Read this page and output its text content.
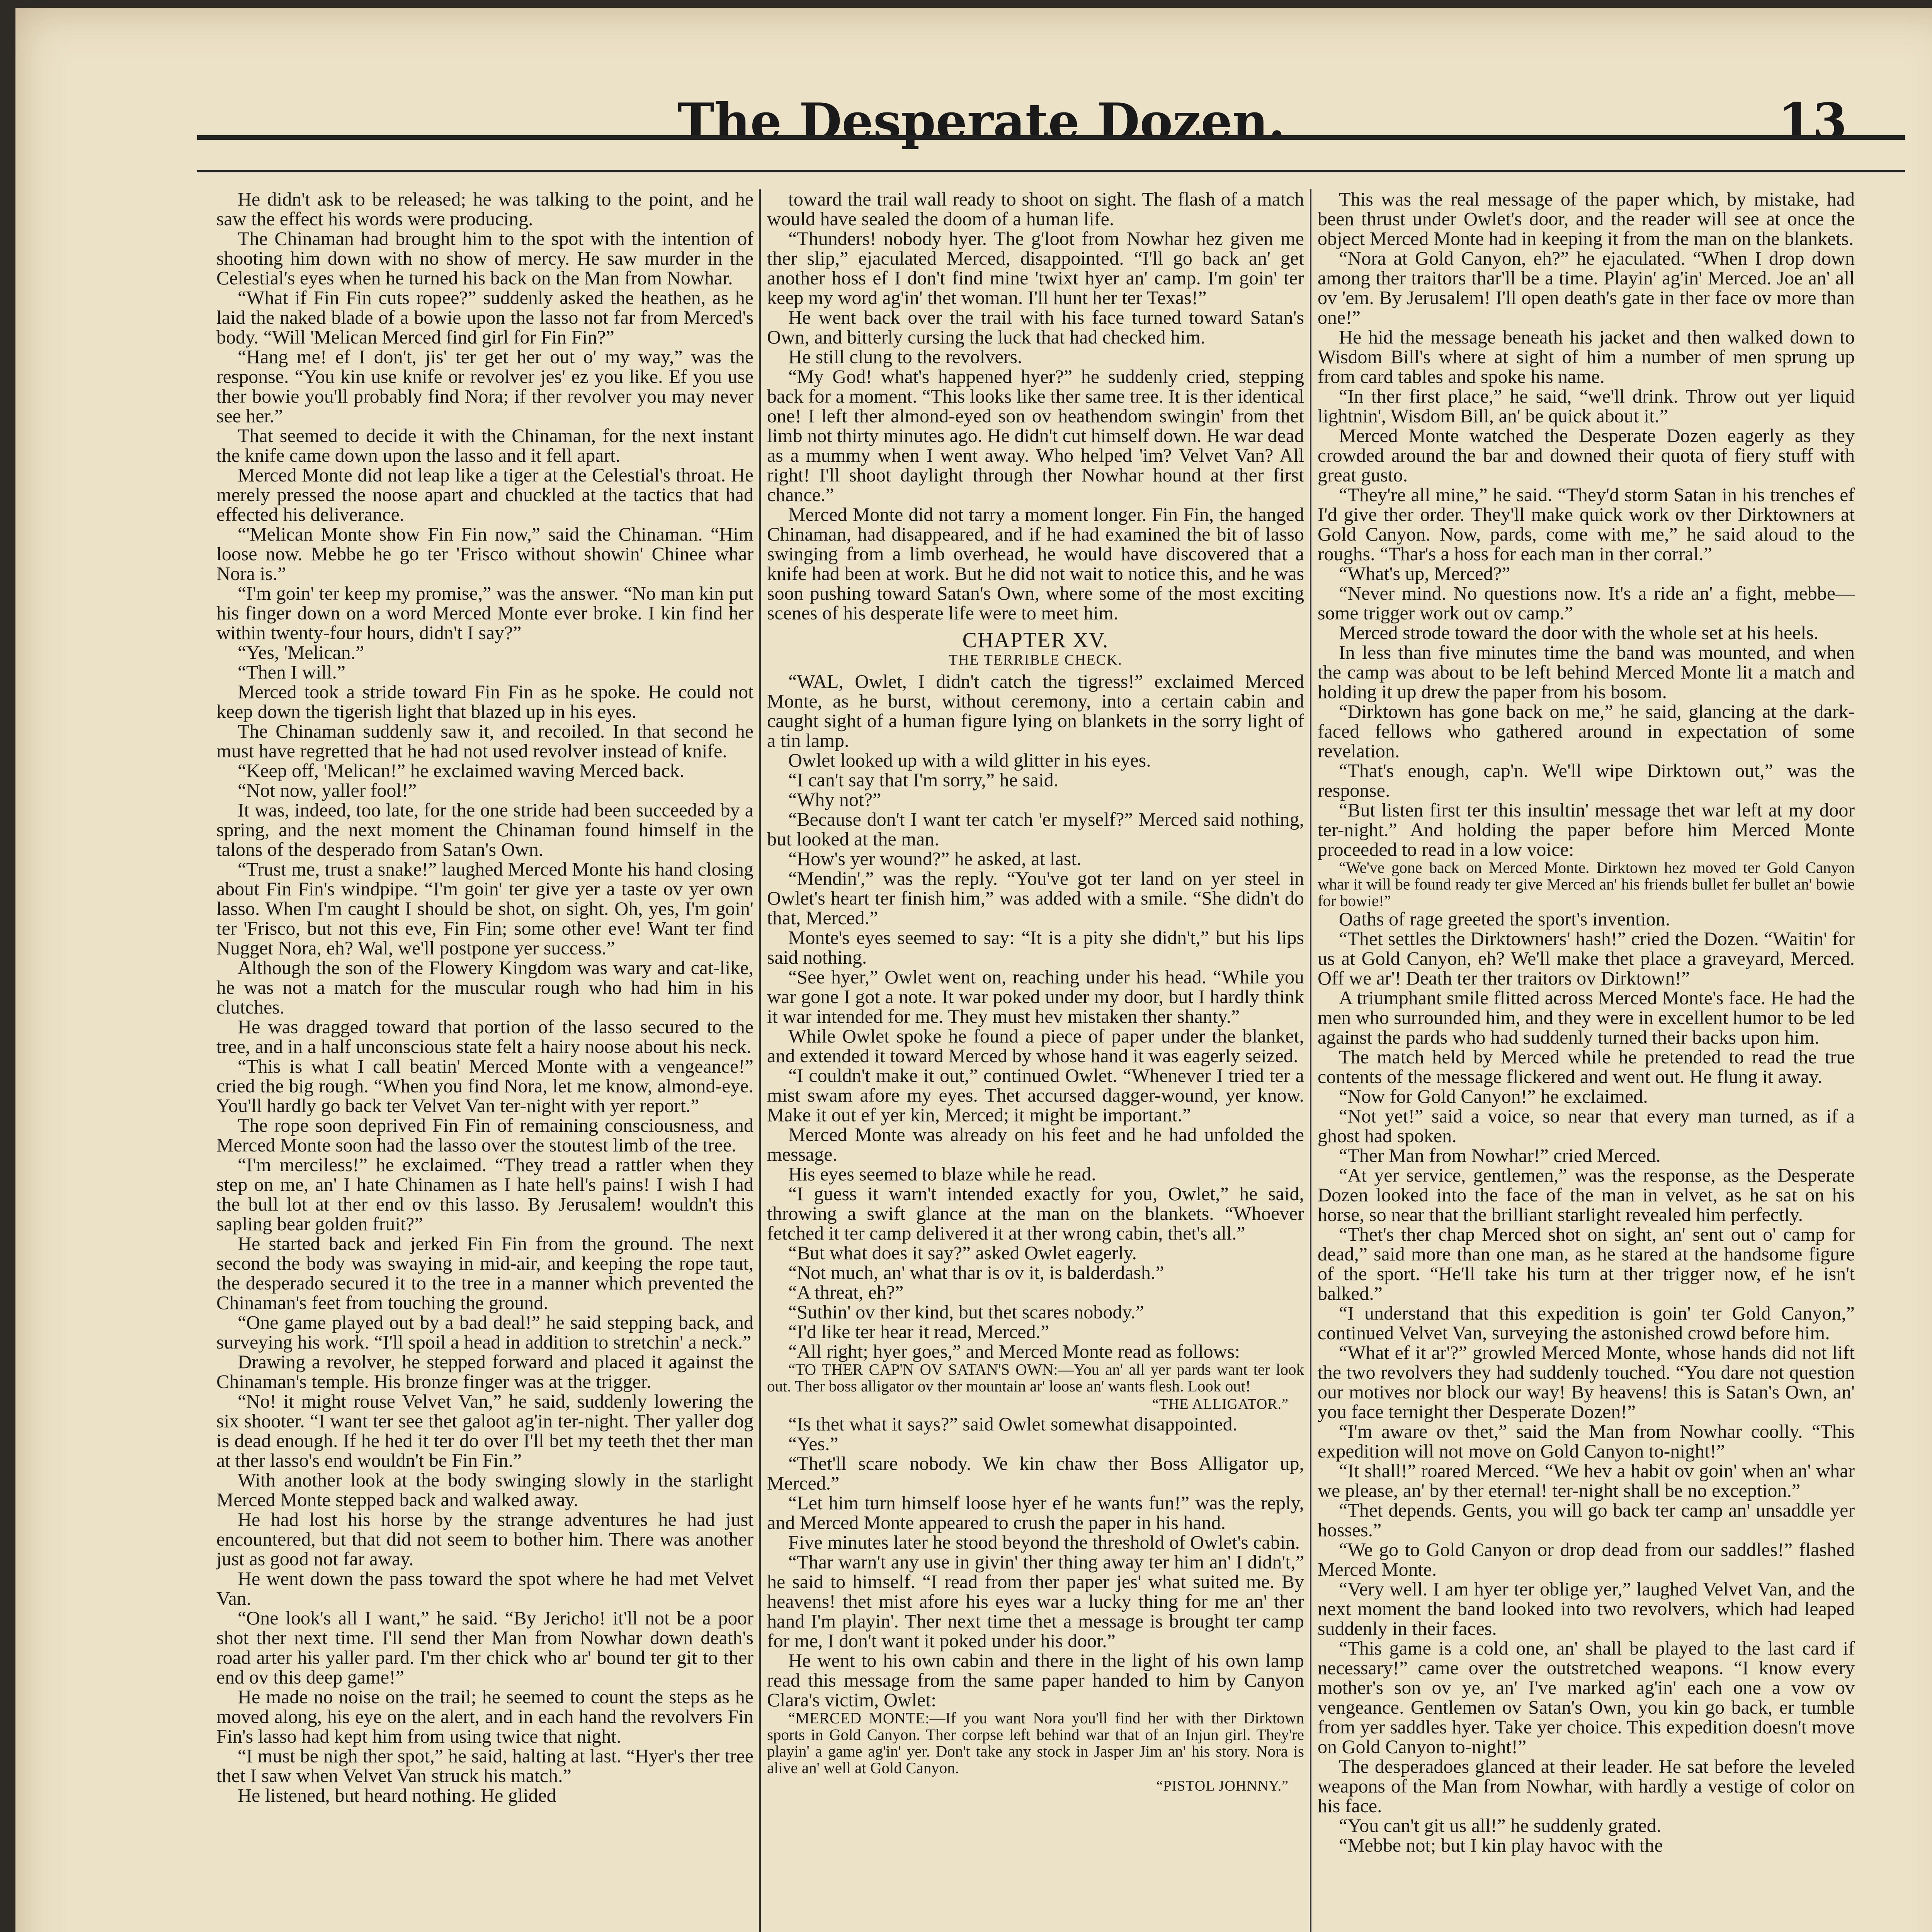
The Desperate Dozen.	13

He didn't ask to be released; he was talking to the point, and he saw the effect his words were producing.

The Chinaman had brought him to the spot with the intention of shooting him down with no show of mercy. He saw murder in the Celestial's eyes when he turned his back on the Man from Nowhar.

“What if Fin Fin cuts ropee?” suddenly asked the heathen, as he laid the naked blade of a bowie upon the lasso not far from Merced's body. “Will 'Melican Merced find girl for Fin Fin?”

“Hang me! ef I don't, jis' ter get her out o' my way,” was the response. “You kin use knife or revolver jes' ez you like. Ef you use ther bowie you'll probably find Nora; if ther revolver you may never see her.”

That seemed to decide it with the Chinaman, for the next instant the knife came down upon the lasso and it fell apart.

Merced Monte did not leap like a tiger at the Celestial's throat. He merely pressed the noose apart and chuckled at the tactics that had effected his deliverance.

“'Melican Monte show Fin Fin now,” said the Chinaman. “Him loose now. Mebbe he go ter 'Frisco without showin' Chinee whar Nora is.”

“I'm goin' ter keep my promise,” was the answer. “No man kin put his finger down on a word Merced Monte ever broke. I kin find her within twenty-four hours, didn't I say?”

“Yes, 'Melican.”

“Then I will.”

Merced took a stride toward Fin Fin as he spoke. He could not keep down the tigerish light that blazed up in his eyes.

The Chinaman suddenly saw it, and recoiled. In that second he must have regretted that he had not used revolver instead of knife.

“Keep off, 'Melican!” he exclaimed waving Merced back.

“Not now, yaller fool!”

It was, indeed, too late, for the one stride had been succeeded by a spring, and the next moment the Chinaman found himself in the talons of the desperado from Satan's Own.

“Trust me, trust a snake!” laughed Merced Monte his hand closing about Fin Fin's windpipe. “I'm goin' ter give yer a taste ov yer own lasso. When I'm caught I should be shot, on sight. Oh, yes, I'm goin' ter 'Frisco, but not this eve, Fin Fin; some other eve! Want ter find Nugget Nora, eh? Wal, we'll postpone yer success.”

Although the son of the Flowery Kingdom was wary and cat-like, he was not a match for the muscular rough who had him in his clutches.

He was dragged toward that portion of the lasso secured to the tree, and in a half unconscious state felt a hairy noose about his neck.

“This is what I call beatin' Merced Monte with a vengeance!” cried the big rough. “When you find Nora, let me know, almond-eye. You'll hardly go back ter Velvet Van ter-night with yer report.”

The rope soon deprived Fin Fin of remaining consciousness, and Merced Monte soon had the lasso over the stoutest limb of the tree.

“I'm merciless!” he exclaimed. “They tread a rattler when they step on me, an' I hate Chinamen as I hate hell's pains! I wish I had the bull lot at ther end ov this lasso. By Jerusalem! wouldn't this sapling bear golden fruit?”

He started back and jerked Fin Fin from the ground. The next second the body was swaying in mid-air, and keeping the rope taut, the desperado secured it to the tree in a manner which prevented the Chinaman's feet from touching the ground.

“One game played out by a bad deal!” he said stepping back, and surveying his work. “I'll spoil a head in addition to stretchin' a neck.”

Drawing a revolver, he stepped forward and placed it against the Chinaman's temple. His bronze finger was at the trigger.

“No! it might rouse Velvet Van,” he said, suddenly lowering the six shooter. “I want ter see thet galoot ag'in ter-night. Ther yaller dog is dead enough. If he hed it ter do over I'll bet my teeth thet ther man at ther lasso's end wouldn't be Fin Fin.”

With another look at the body swinging slowly in the starlight Merced Monte stepped back and walked away.

He had lost his horse by the strange adventures he had just encountered, but that did not seem to bother him. There was another just as good not far away.

He went down the pass toward the spot where he had met Velvet Van.

“One look's all I want,” he said. “By Jericho! it'll not be a poor shot ther next time. I'll send ther Man from Nowhar down death's road arter his yaller pard. I'm ther chick who ar' bound ter git to ther end ov this deep game!”

He made no noise on the trail; he seemed to count the steps as he moved along, his eye on the alert, and in each hand the revolvers Fin Fin's lasso had kept him from using twice that night.

“I must be nigh ther spot,” he said, halting at last. “Hyer's ther tree thet I saw when Velvet Van struck his match.”

He listened, but heard nothing. He glided

toward the trail wall ready to shoot on sight. The flash of a match would have sealed the doom of a human life.

“Thunders! nobody hyer. The g'loot from Nowhar hez given me ther slip,” ejaculated Merced, disappointed. “I'll go back an' get another hoss ef I don't find mine 'twixt hyer an' camp. I'm goin' ter keep my word ag'in' thet woman. I'll hunt her ter Texas!”

He went back over the trail with his face turned toward Satan's Own, and bitterly cursing the luck that had checked him.

He still clung to the revolvers.

“My God! what's happened hyer?” he suddenly cried, stepping back for a moment. “This looks like ther same tree. It is ther identical one! I left ther almond-eyed son ov heathendom swingin' from thet limb not thirty minutes ago. He didn't cut himself down. He war dead as a mummy when I went away. Who helped 'im? Velvet Van? All right! I'll shoot daylight through ther Nowhar hound at ther first chance.”

Merced Monte did not tarry a moment longer. Fin Fin, the hanged Chinaman, had disappeared, and if he had examined the bit of lasso swinging from a limb overhead, he would have discovered that a knife had been at work. But he did not wait to notice this, and he was soon pushing toward Satan's Own, where some of the most exciting scenes of his desperate life were to meet him.

CHAPTER XV.
THE TERRIBLE CHECK.

“WAL, Owlet, I didn't catch the tigress!” exclaimed Merced Monte, as he burst, without ceremony, into a certain cabin and caught sight of a human figure lying on blankets in the sorry light of a tin lamp.

Owlet looked up with a wild glitter in his eyes.

“I can't say that I'm sorry,” he said.

“Why not?”

“Because don't I want ter catch 'er myself?” Merced said nothing, but looked at the man.

“How's yer wound?” he asked, at last.

“Mendin',” was the reply. “You've got ter land on yer steel in Owlet's heart ter finish him,” was added with a smile. “She didn't do that, Merced.”

Monte's eyes seemed to say: “It is a pity she didn't,” but his lips said nothing.

“See hyer,” Owlet went on, reaching under his head. “While you war gone I got a note. It war poked under my door, but I hardly think it war intended for me. They must hev mistaken ther shanty.”

While Owlet spoke he found a piece of paper under the blanket, and extended it toward Merced by whose hand it was eagerly seized.

“I couldn't make it out,” continued Owlet. “Whenever I tried ter a mist swam afore my eyes. Thet accursed dagger-wound, yer know. Make it out ef yer kin, Merced; it might be important.”

Merced Monte was already on his feet and he had unfolded the message.

His eyes seemed to blaze while he read.

“I guess it warn't intended exactly for you, Owlet,” he said, throwing a swift glance at the man on the blankets. “Whoever fetched it ter camp delivered it at ther wrong cabin, thet's all.”

“But what does it say?” asked Owlet eagerly.

“Not much, an' what thar is ov it, is balderdash.”

“A threat, eh?”

“Suthin' ov ther kind, but thet scares nobody.”

“I'd like ter hear it read, Merced.”

“All right; hyer goes,” and Merced Monte read as follows:

“TO THER CAP'N OV SATAN'S OWN:—You an' all yer pards want ter look out. Ther boss alligator ov ther mountain ar' loose an' wants flesh. Look out!

“THE ALLIGATOR.”

“Is thet what it says?” said Owlet somewhat disappointed.

“Yes.”

“Thet'll scare nobody. We kin chaw ther Boss Alligator up, Merced.”

“Let him turn himself loose hyer ef he wants fun!” was the reply, and Merced Monte appeared to crush the paper in his hand.

Five minutes later he stood beyond the threshold of Owlet's cabin.

“Thar warn't any use in givin' ther thing away ter him an' I didn't,” he said to himself. “I read from ther paper jes' what suited me. By heavens! thet mist afore his eyes war a lucky thing for me an' ther hand I'm playin'. Ther next time thet a message is brought ter camp for me, I don't want it poked under his door.”

He went to his own cabin and there in the light of his own lamp read this message from the same paper handed to him by Canyon Clara's victim, Owlet:

“MERCED MONTE:—If you want Nora you'll find her with ther Dirktown sports in Gold Canyon. Ther corpse left behind war that of an Injun girl. They're playin' a game ag'in' yer. Don't take any stock in Jasper Jim an' his story. Nora is alive an' well at Gold Canyon.

“PISTOL JOHNNY.”

This was the real message of the paper which, by mistake, had been thrust under Owlet's door, and the reader will see at once the object Merced Monte had in keeping it from the man on the blankets.

“Nora at Gold Canyon, eh?” he ejaculated. “When I drop down among ther traitors thar'll be a time. Playin' ag'in' Merced. Joe an' all ov 'em. By Jerusalem! I'll open death's gate in ther face ov more than one!”

He hid the message beneath his jacket and then walked down to Wisdom Bill's where at sight of him a number of men sprung up from card tables and spoke his name.

“In ther first place,” he said, “we'll drink. Throw out yer liquid lightnin', Wisdom Bill, an' be quick about it.”

Merced Monte watched the Desperate Dozen eagerly as they crowded around the bar and downed their quota of fiery stuff with great gusto.

“They're all mine,” he said. “They'd storm Satan in his trenches ef I'd give ther order. They'll make quick work ov ther Dirktowners at Gold Canyon. Now, pards, come with me,” he said aloud to the roughs. “Thar's a hoss for each man in ther corral.”

“What's up, Merced?”

“Never mind. No questions now. It's a ride an' a fight, mebbe—some trigger work out ov camp.”

Merced strode toward the door with the whole set at his heels.

In less than five minutes time the band was mounted, and when the camp was about to be left behind Merced Monte lit a match and holding it up drew the paper from his bosom.

“Dirktown has gone back on me,” he said, glancing at the dark-faced fellows who gathered around in expectation of some revelation.

“That's enough, cap'n. We'll wipe Dirktown out,” was the response.

“But listen first ter this insultin' message thet war left at my door ter-night.” And holding the paper before him Merced Monte proceeded to read in a low voice:

“We've gone back on Merced Monte. Dirktown hez moved ter Gold Canyon whar it will be found ready ter give Merced an' his friends bullet fer bullet an' bowie for bowie!”

Oaths of rage greeted the sport's invention.

“Thet settles the Dirktowners' hash!” cried the Dozen. “Waitin' for us at Gold Canyon, eh? We'll make thet place a graveyard, Merced. Off we ar'! Death ter ther traitors ov Dirktown!”

A triumphant smile flitted across Merced Monte's face. He had the men who surrounded him, and they were in excellent humor to be led against the pards who had suddenly turned their backs upon him.

The match held by Merced while he pretended to read the true contents of the message flickered and went out. He flung it away.

“Now for Gold Canyon!” he exclaimed.

“Not yet!” said a voice, so near that every man turned, as if a ghost had spoken.

“Ther Man from Nowhar!” cried Merced.

“At yer service, gentlemen,” was the response, as the Desperate Dozen looked into the face of the man in velvet, as he sat on his horse, so near that the brilliant starlight revealed him perfectly.

“Thet's ther chap Merced shot on sight, an' sent out o' camp for dead,” said more than one man, as he stared at the handsome figure of the sport. “He'll take his turn at ther trigger now, ef he isn't balked.”

“I understand that this expedition is goin' ter Gold Canyon,” continued Velvet Van, surveying the astonished crowd before him.

“What ef it ar'?” growled Merced Monte, whose hands did not lift the two revolvers they had suddenly touched. “You dare not question our motives nor block our way! By heavens! this is Satan's Own, an' you face ternight ther Desperate Dozen!”

“I'm aware ov thet,” said the Man from Nowhar coolly. “This expedition will not move on Gold Canyon to-night!”

“It shall!” roared Merced. “We hev a habit ov goin' when an' whar we please, an' by ther eternal! ter-night shall be no exception.”

“Thet depends. Gents, you will go back ter camp an' unsaddle yer hosses.”

“We go to Gold Canyon or drop dead from our saddles!” flashed Merced Monte.

“Very well. I am hyer ter oblige yer,” laughed Velvet Van, and the next moment the band looked into two revolvers, which had leaped suddenly in their faces.

“This game is a cold one, an' shall be played to the last card if necessary!” came over the outstretched weapons. “I know every mother's son ov ye, an' I've marked ag'in' each one a vow ov vengeance. Gentlemen ov Satan's Own, you kin go back, er tumble from yer saddles hyer. Take yer choice. This expedition doesn't move on Gold Canyon to-night!”

The desperadoes glanced at their leader. He sat before the leveled weapons of the Man from Nowhar, with hardly a vestige of color on his face.

“You can't git us all!” he suddenly grated.

“Mebbe not; but I kin play havoc with the
